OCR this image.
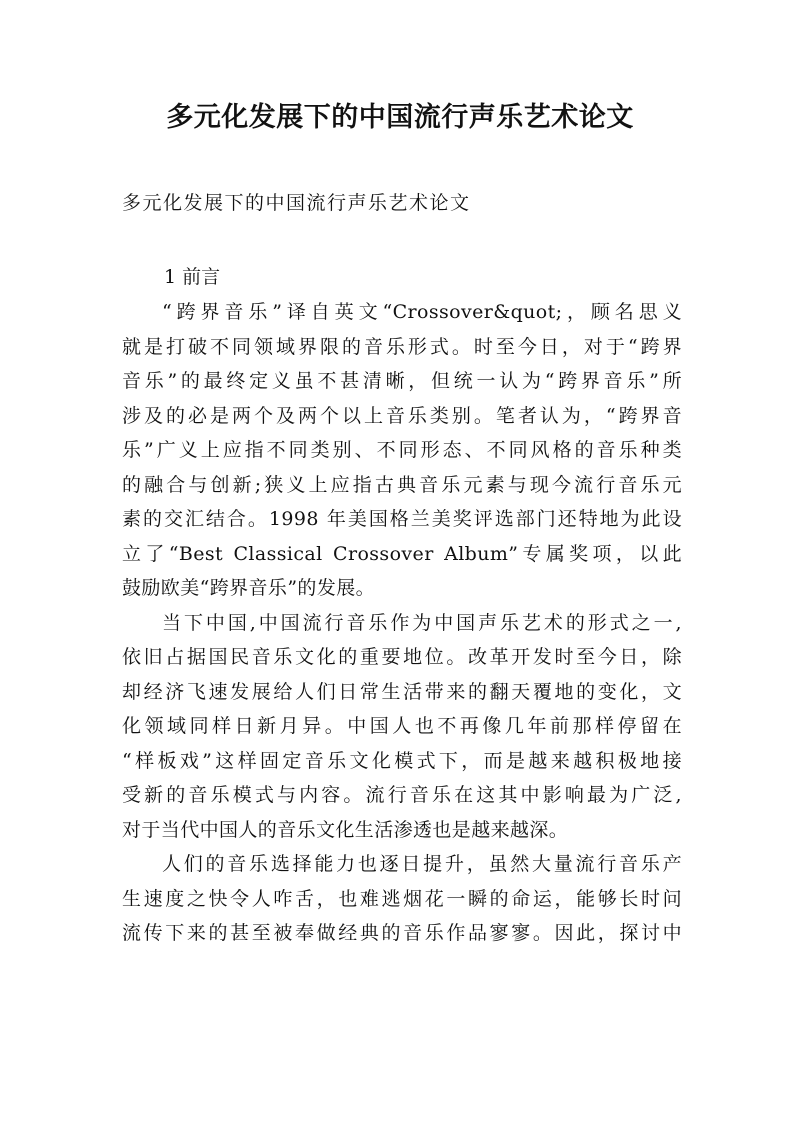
多元化发展下的中国流行声乐艺术论文

多元化发展下的中国流行声乐艺术论文

1 前言

“跨界音乐”译自英文“Crossover&quot;，顾名思义
就是打破不同领域界限的音乐形式。时至今日，对于“跨界
音乐”的最终定义虽不甚清晰，但统一认为“跨界音乐”所
涉及的必是两个及两个以上音乐类别。笔者认为，“跨界音
乐”广义上应指不同类别、不同形态、不同风格的音乐种类
的融合与创新;狭义上应指古典音乐元素与现今流行音乐元
素的交汇结合。1998 年美国格兰美奖评选部门还特地为此设
立了“Best Classical Crossover Album”专属奖项，以此
鼓励欧美“跨界音乐”的发展。

当下中国,中国流行音乐作为中国声乐艺术的形式之一,
依旧占据国民音乐文化的重要地位。改革开发时至今日，除
却经济飞速发展给人们日常生活带来的翻天覆地的变化，文
化领域同样日新月异。中国人也不再像几年前那样停留在
“样板戏”这样固定音乐文化模式下，而是越来越积极地接
受新的音乐模式与内容。流行音乐在这其中影响最为广泛,
对于当代中国人的音乐文化生活渗透也是越来越深。

人们的音乐选择能力也逐日提升，虽然大量流行音乐产
生速度之快令人咋舌，也难逃烟花一瞬的命运，能够长时问
流传下来的甚至被奉做经典的音乐作品寥寥。因此，探讨中
